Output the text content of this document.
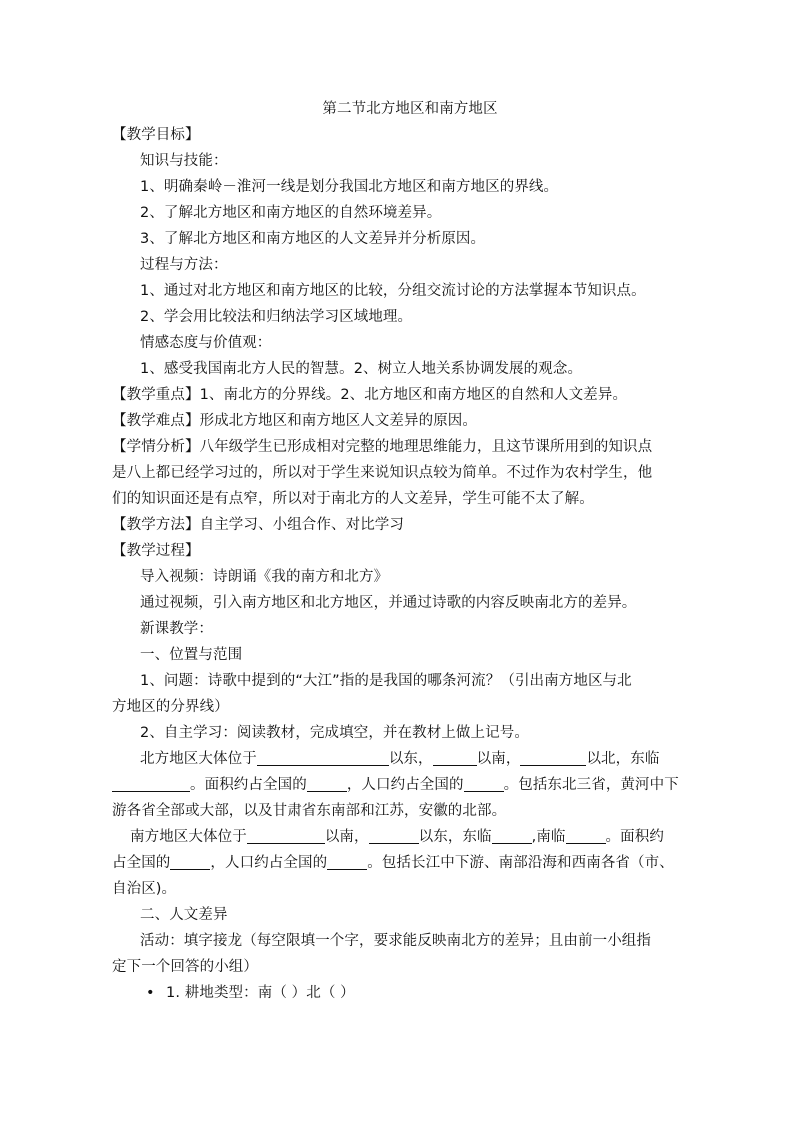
第二节北方地区和南方地区

【教学目标】

知识与技能：

1、明确秦岭－淮河一线是划分我国北方地区和南方地区的界线。

2、了解北方地区和南方地区的自然环境差异。

3、了解北方地区和南方地区的人文差异并分析原因。

过程与方法：

1、通过对北方地区和南方地区的比较，分组交流讨论的方法掌握本节知识点。

2、学会用比较法和归纳法学习区域地理。

情感态度与价值观：

1、感受我国南北方人民的智慧。2、树立人地关系协调发展的观念。

【教学重点】1、南北方的分界线。2、北方地区和南方地区的自然和人文差异。

【教学难点】形成北方地区和南方地区人文差异的原因。

【学情分析】八年级学生已形成相对完整的地理思维能力，且这节课所用到的知识点

是八上都已经学习过的，所以对于学生来说知识点较为简单。不过作为农村学生，他

们的知识面还是有点窄，所以对于南北方的人文差异，学生可能不太了解。

【教学方法】自主学习、小组合作、对比学习

【教学过程】

导入视频：诗朗诵《我的南方和北方》

通过视频，引入南方地区和北方地区，并通过诗歌的内容反映南北方的差异。

新课教学：

一、位置与范围

1、问题：诗歌中提到的“大江”指的是我国的哪条河流？（引出南方地区与北

方地区的分界线）

2、自主学习：阅读教材，完成填空，并在教材上做上记号。

北方地区大体位于	以东，	以南，	以北，东临

。面积约占全国的	，人口约占全国的	。包括东北三省，黄河中下

游各省全部或大部，以及甘肃省东南部和江苏，安徽的北部。

南方地区大体位于	以南，	以东，东临	,南临	。面积约

占全国的	，人口约占全国的	。包括长江中下游、南部沿海和西南各省（市、

自治区)。

二、人文差异

活动：填字接龙（每空限填一个字，要求能反映南北方的差异；且由前一小组指

定下一个回答的小组）

• 1. 耕地类型：南（ ）北（ ）
